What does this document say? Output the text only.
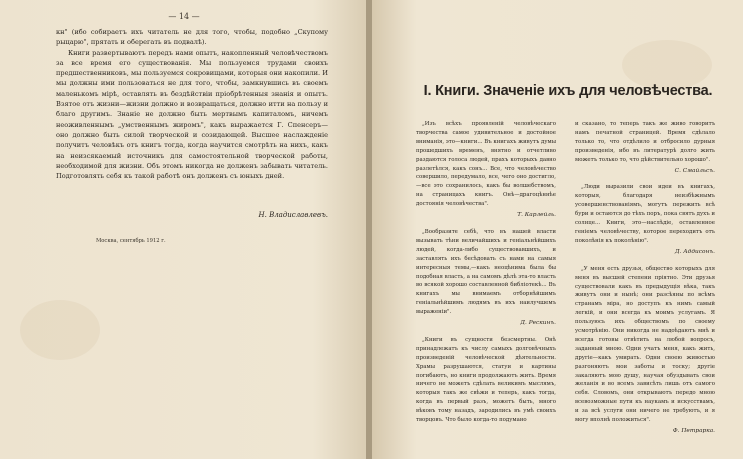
— 14 —

кн" (ибо собираетъ ихъ читатель не для того, чтобы, подобно „Скупому рыцарю", прятать и оберегать въ подвалѣ).

Книги развертываютъ передъ нами опытъ, накопленный человѣчествомъ за все время его существованія. Мы пользуемся трудами своихъ предшественниковъ, мы пользуемся сокровищами, которыя они накопили. И мы должны ими пользоваться не для того, чтобы, замкнувшись въ своемъ маленькомъ мірѣ, оставлять въ бездѣйствіи пріобрѣтенныя знанія и опытъ. Взятое отъ жизни—жизни должно и возвращаться, должно итти на пользу и благо другимъ. Знаніе не должно быть мертвымъ капиталомъ, ничемъ неоживленнымъ „умственнымъ жиромъ", какъ выражается Г. Спенсеръ—оно должно быть силой творческой и созидающей. Высшее наслажденіе получитъ человѣкъ отъ книгъ тогда, когда научится смотрѣть на нихъ, какъ на неизсякаемый источникъ для самостоятельной творческой работы, необходимой для жизни. Объ этомъ никогда не долженъ забывать читатель. Подготовлять себя къ такой работѣ онъ долженъ съ юныхъ дней.

Н. Владиславлевъ.
Москва, сентябрь 1912 г.
I. Книги. Значеніе ихъ для человѣчества.

„Изъ всѣхъ проявленій человѣческаго творчества самое удивительное и достойное вниманія, это—книги... Въ книгахъ живутъ думы прошедшихъ временъ, внятно и отчетливо раздаются голоса людей, прахъ которыхъ давно разлетѣлся, какъ сонъ... Все, что человѣчество совершило, передумало, все, чего оно достигло,—все это сохранилось, какъ бы волшебствомъ, на страницахъ книгъ. Онѣ—драгоцѣннѣе достоянія человѣчества".

Т. Карлейль.

„Вообразите себѣ, что въ нашей власти вызывать тѣни величайшихъ и геніальнѣйшихъ людей, когда-либо существовавшихъ, и заставлять ихъ бесѣдовать съ нами на самыя интересныя темы,—какъ неоцѣнима была бы подобная власть, а на самомъ дѣлѣ эта-то власть во всякой хорошо составленной библіотекѣ... Въ книгахъ мы внимаемъ отборнѣйшимъ геніальнѣйшимъ людямъ въ ихъ наилучшемъ выраженіи".

Д. Рескинъ.

„Книги въ сущности безсмертны. Онѣ принадлежатъ къ числу самыхъ долговѣчныхъ произведеній человѣческой дѣятельности. Храмы разрушаются, статуи и картины погибаютъ, но книги продолжаютъ жить. Время ничего не можетъ сдѣлать великимъ мыслямъ, которыя такъ же свѣжи и теперь, какъ тогда, когда въ первый разъ, можетъ быть, много вѣковъ тому назадъ, зародились въ умѣ своихъ творцовъ. Что было когда-то подумано

и сказано, то теперь такъ же живо говоритъ намъ печатной страницей. Время сдѣлало только то, что отдѣлило и отбросило дурныя произведенія, ибо въ литературѣ долго жить можетъ только то, что дѣйствительно хорошо".

С. Смайльсъ.

„Люди выразили свои идеи въ книгахъ, которыя, благодаря неизбѣжнымъ усовершенствованіямъ, могутъ пережить всѣ бури и остаются до тѣхъ поръ, пока святъ духъ и солнце... Книги, это—наслѣдіе, оставленное геніемъ человѣчеству, которое переходитъ отъ поколѣнія къ поколѣнію".

Д. Аддисонъ.

„У меня есть друзья, общество которыхъ для меня въ высшей степени пріятно. Эти друзья существовали какъ въ предыдущія вѣка, такъ живутъ они и нынѣ; они разсѣяны по всѣмъ странамъ міра, но доступъ къ нимъ самый легкій, и они всегда къ моимъ услугамъ. Я пользуюсь ихъ обществомъ по своему усмотрѣнію. Они никогда не надоѣдаютъ мнѣ и всегда готовы отвѣтить на любой вопросъ, заданный мною. Одни учатъ меня, какъ жить, другіе—какъ умирать. Одни своею живостью разгоняютъ мои заботы и тоску; другіе закаляютъ мою душу, научая обуздывать свои желанія и во всемъ зависѣть лишь отъ самого себя. Словомъ, они открываютъ передо мною всевозможные пути къ наукамъ и искусствамъ, и за всѣ услуги они ничего не требуютъ, и я могу вполнѣ положиться".

Ф. Петрарка.
